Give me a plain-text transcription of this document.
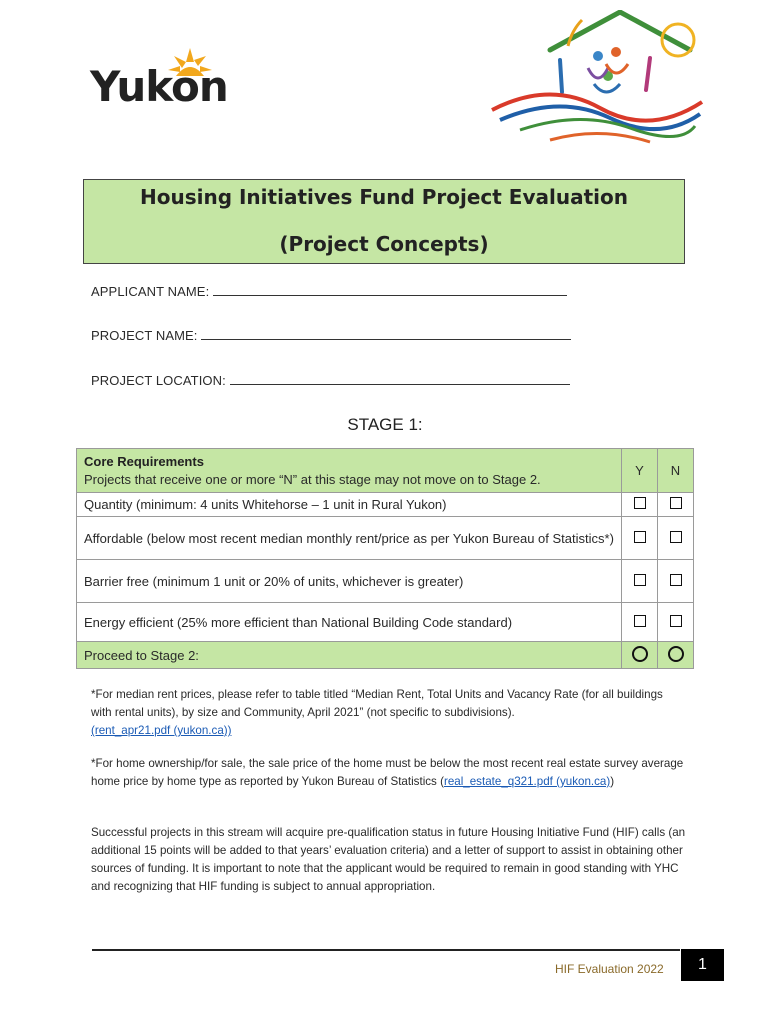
Yukon
Housing Initiatives Fund Project Evaluation
(Project Concepts)
APPLICANT NAME:
PROJECT NAME:
PROJECT LOCATION:
STAGE 1:
Core Requirements
Projects that receive one or more “N” at this stage may not move on to Stage 2.	Y	N
Quantity (minimum: 4 units Whitehorse – 1 unit in Rural Yukon)		
Affordable (below most recent median monthly rent/price as per Yukon Bureau of Statistics*)		
Barrier free (minimum 1 unit or 20% of units, whichever is greater)		
Energy efficient (25% more efficient than National Building Code standard)		
Proceed to Stage 2:		
*For median rent prices, please refer to table titled “Median Rent, Total Units and Vacancy Rate (for all buildings with rental units), by size and Community, April 2021” (not specific to subdivisions).
(rent_apr21.pdf (yukon.ca))
*For home ownership/for sale, the sale price of the home must be below the most recent real estate survey average home price by home type as reported by Yukon Bureau of Statistics (real_estate_q321.pdf (yukon.ca))
Successful projects in this stream will acquire pre-qualification status in future Housing Initiative Fund (HIF) calls (an additional 15 points will be added to that years’ evaluation criteria) and a letter of support to assist in obtaining other sources of funding. It is important to note that the applicant would be required to remain in good standing with YHC and recognizing that HIF funding is subject to annual appropriation.
HIF Evaluation 2022	1
